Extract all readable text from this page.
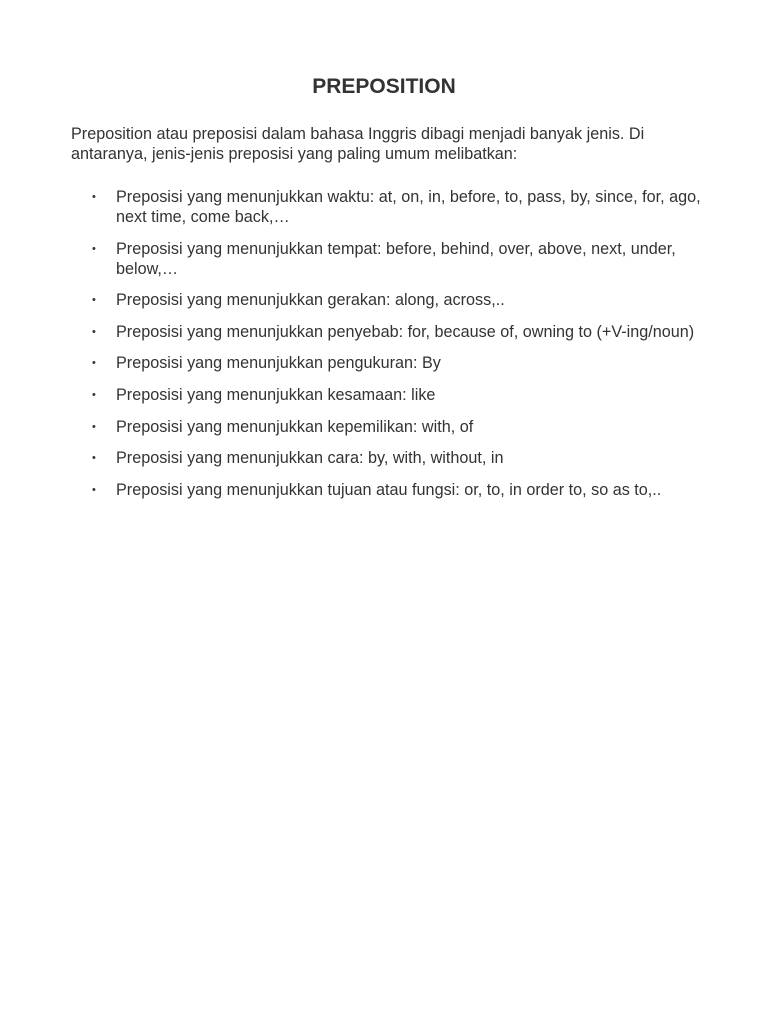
PREPOSITION

Preposition atau preposisi dalam bahasa Inggris dibagi menjadi banyak jenis. Di antaranya, jenis-jenis preposisi yang paling umum melibatkan:

•	Preposisi yang menunjukkan waktu: at, on, in, before, to, pass, by, since, for, ago, next time, come back,…
•	Preposisi yang menunjukkan tempat: before, behind, over, above, next, under, below,…
•	Preposisi yang menunjukkan gerakan: along, across,..
•	Preposisi yang menunjukkan penyebab: for, because of, owning to (+V-ing/noun)
•	Preposisi yang menunjukkan pengukuran: By
•	Preposisi yang menunjukkan kesamaan: like
•	Preposisi yang menunjukkan kepemilikan: with, of
•	Preposisi yang menunjukkan cara: by, with, without, in
•	Preposisi yang menunjukkan tujuan atau fungsi: or, to, in order to, so as to,..
